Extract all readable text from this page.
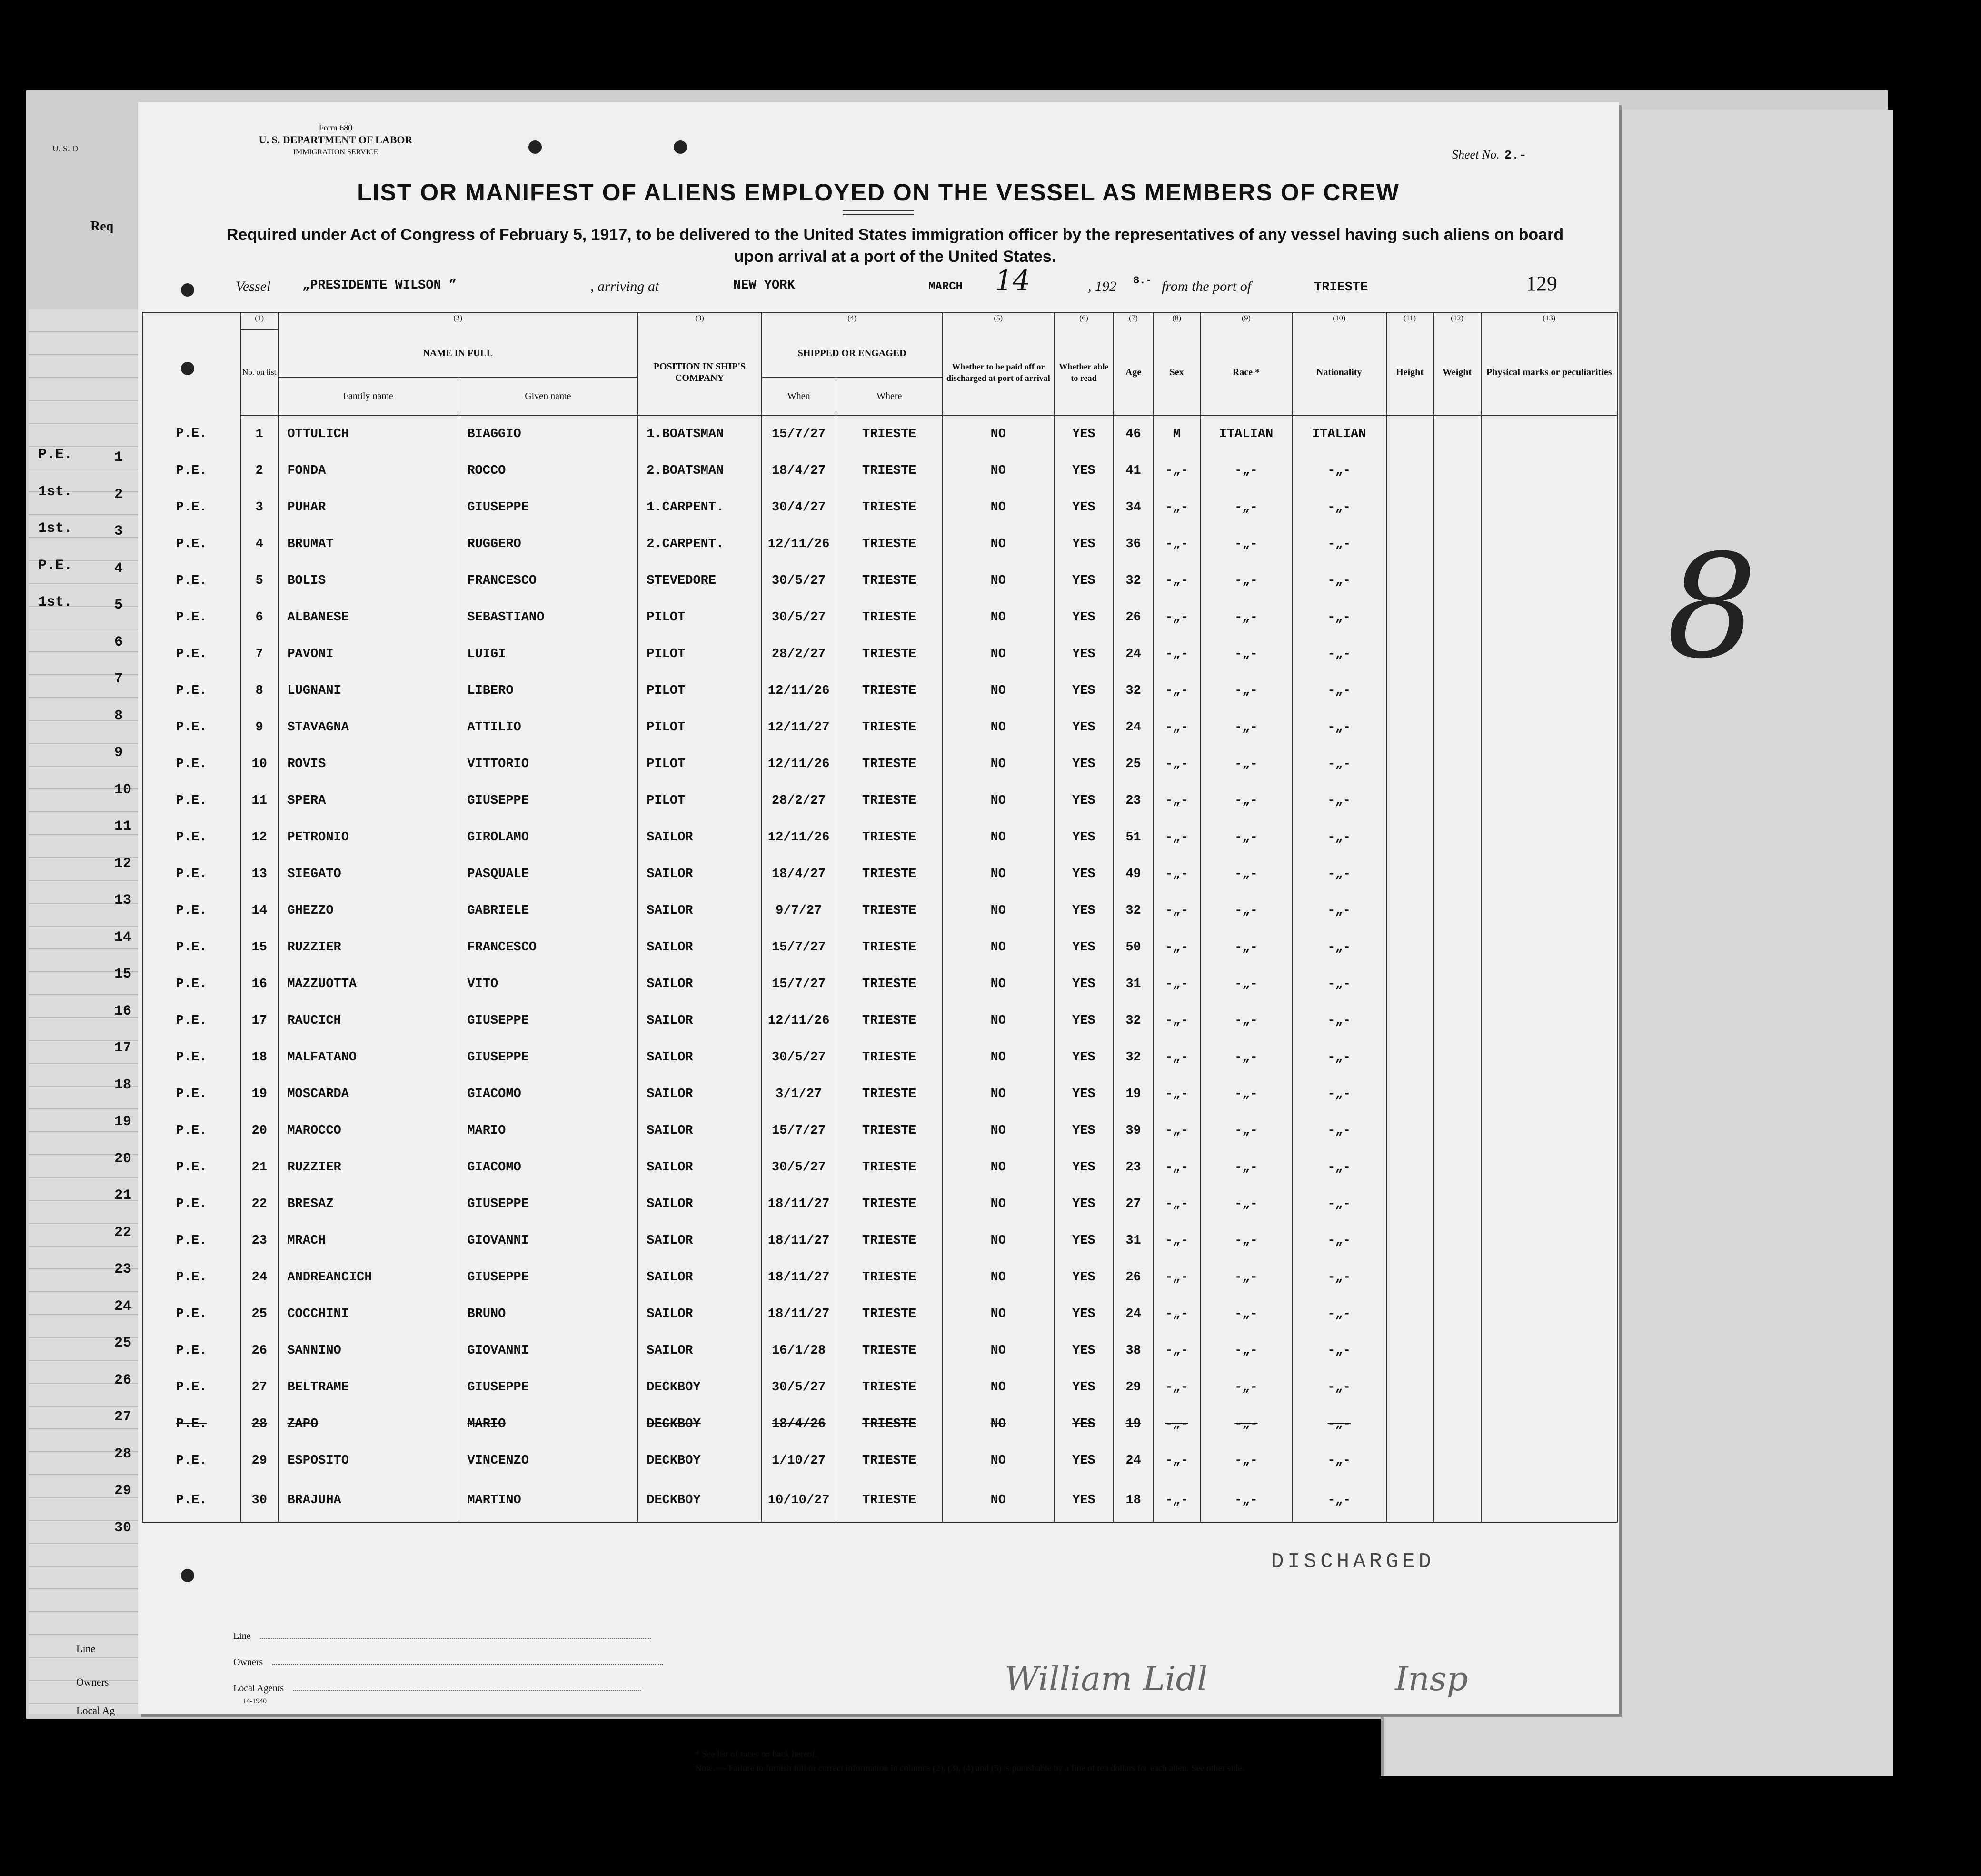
P.E.	1
1st.	2
1st.	3
P.E.	4
1st.	5
6
7
8
9
10
11
12
13
14
15
16
17
18
19
20
21
22
23
24
25
26
27
28
29
30
U. S. D
Req
Line
Owners
Local Ag
8
Form 680
U. S. DEPARTMENT OF LABOR
IMMIGRATION SERVICE	Sheet No. 2.-
LIST OR MANIFEST OF ALIENS EMPLOYED ON THE VESSEL AS MEMBERS OF CREW
Required under Act of Congress of February 5, 1917, to be delivered to the United States immigration officer by the representatives of any vessel having such aliens on board upon arrival at a port of the United States.
Vessel „PRESIDENTE WILSON ”	, arriving at	NEW YORK	MARCH 14	, 192 8.- from the port of	TRIESTE	129
	(1)	(2)		(3)	(4)		(5)	(6)	(7)	(8)	(9)	(10)	(11)	(12)	(13)
	No. on list	NAME IN FULL		POSITION IN SHIP'S COMPANY	SHIPPED OR ENGAGED		Whether to be paid off or discharged at port of arrival	Whether able to read	Age	Sex	Race *	Nationality	Height	Weight	Physical marks or peculiarities
		Family name	Given name		When	Where									
P.E.	1	OTTULICH	BIAGGIO	1.BOATSMAN	15/7/27	TRIESTE	NO	YES	46	M	ITALIAN	ITALIAN			
P.E.	2	FONDA	ROCCO	2.BOATSMAN	18/4/27	TRIESTE	NO	YES	41	-„-	-„-	-„-			
P.E.	3	PUHAR	GIUSEPPE	1.CARPENT.	30/4/27	TRIESTE	NO	YES	34	-„-	-„-	-„-			
P.E.	4	BRUMAT	RUGGERO	2.CARPENT.	12/11/26	TRIESTE	NO	YES	36	-„-	-„-	-„-			
P.E.	5	BOLIS	FRANCESCO	STEVEDORE	30/5/27	TRIESTE	NO	YES	32	-„-	-„-	-„-			
P.E.	6	ALBANESE	SEBASTIANO	PILOT	30/5/27	TRIESTE	NO	YES	26	-„-	-„-	-„-			
P.E.	7	PAVONI	LUIGI	PILOT	28/2/27	TRIESTE	NO	YES	24	-„-	-„-	-„-			
P.E.	8	LUGNANI	LIBERO	PILOT	12/11/26	TRIESTE	NO	YES	32	-„-	-„-	-„-			
P.E.	9	STAVAGNA	ATTILIO	PILOT	12/11/27	TRIESTE	NO	YES	24	-„-	-„-	-„-			
P.E.	10	ROVIS	VITTORIO	PILOT	12/11/26	TRIESTE	NO	YES	25	-„-	-„-	-„-			
P.E.	11	SPERA	GIUSEPPE	PILOT	28/2/27	TRIESTE	NO	YES	23	-„-	-„-	-„-			
P.E.	12	PETRONIO	GIROLAMO	SAILOR	12/11/26	TRIESTE	NO	YES	51	-„-	-„-	-„-			
P.E.	13	SIEGATO	PASQUALE	SAILOR	18/4/27	TRIESTE	NO	YES	49	-„-	-„-	-„-			
P.E.	14	GHEZZO	GABRIELE	SAILOR	9/7/27	TRIESTE	NO	YES	32	-„-	-„-	-„-			
P.E.	15	RUZZIER	FRANCESCO	SAILOR	15/7/27	TRIESTE	NO	YES	50	-„-	-„-	-„-			
P.E.	16	MAZZUOTTA	VITO	SAILOR	15/7/27	TRIESTE	NO	YES	31	-„-	-„-	-„-			
P.E.	17	RAUCICH	GIUSEPPE	SAILOR	12/11/26	TRIESTE	NO	YES	32	-„-	-„-	-„-			
P.E.	18	MALFATANO	GIUSEPPE	SAILOR	30/5/27	TRIESTE	NO	YES	32	-„-	-„-	-„-			
P.E.	19	MOSCARDA	GIACOMO	SAILOR	3/1/27	TRIESTE	NO	YES	19	-„-	-„-	-„-			
P.E.	20	MAROCCO	MARIO	SAILOR	15/7/27	TRIESTE	NO	YES	39	-„-	-„-	-„-			
P.E.	21	RUZZIER	GIACOMO	SAILOR	30/5/27	TRIESTE	NO	YES	23	-„-	-„-	-„-			
P.E.	22	BRESAZ	GIUSEPPE	SAILOR	18/11/27	TRIESTE	NO	YES	27	-„-	-„-	-„-			
P.E.	23	MRACH	GIOVANNI	SAILOR	18/11/27	TRIESTE	NO	YES	31	-„-	-„-	-„-			
P.E.	24	ANDREANCICH	GIUSEPPE	SAILOR	18/11/27	TRIESTE	NO	YES	26	-„-	-„-	-„-			
P.E.	25	COCCHINI	BRUNO	SAILOR	18/11/27	TRIESTE	NO	YES	24	-„-	-„-	-„-			
P.E.	26	SANNINO	GIOVANNI	SAILOR	16/1/28	TRIESTE	NO	YES	38	-„-	-„-	-„-			
P.E.	27	BELTRAME	GIUSEPPE	DECKBOY	30/5/27	TRIESTE	NO	YES	29	-„-	-„-	-„-			
P.E.	28	ZAPO	MARIO	DECKBOY	18/4/26	TRIESTE	NO	YES	19	-„-	-„-	-„-			
P.E.	29	ESPOSITO	VINCENZO	DECKBOY	1/10/27	TRIESTE	NO	YES	24	-„-	-„-	-„-			
P.E.	30	BRAJUHA	MARTINO	DECKBOY	10/10/27	TRIESTE	NO	YES	18	-„-	-„-	-„-			
DISCHARGED
William Lidl	Insp
Line
Owners
Local Agents
14-1940
* See list of races on back hereof.
Note. — Failure to furnish full or correct information in columns (2), (3), (4) and (5) is punishable by a fine of ten dollars for each alien. See other side.
